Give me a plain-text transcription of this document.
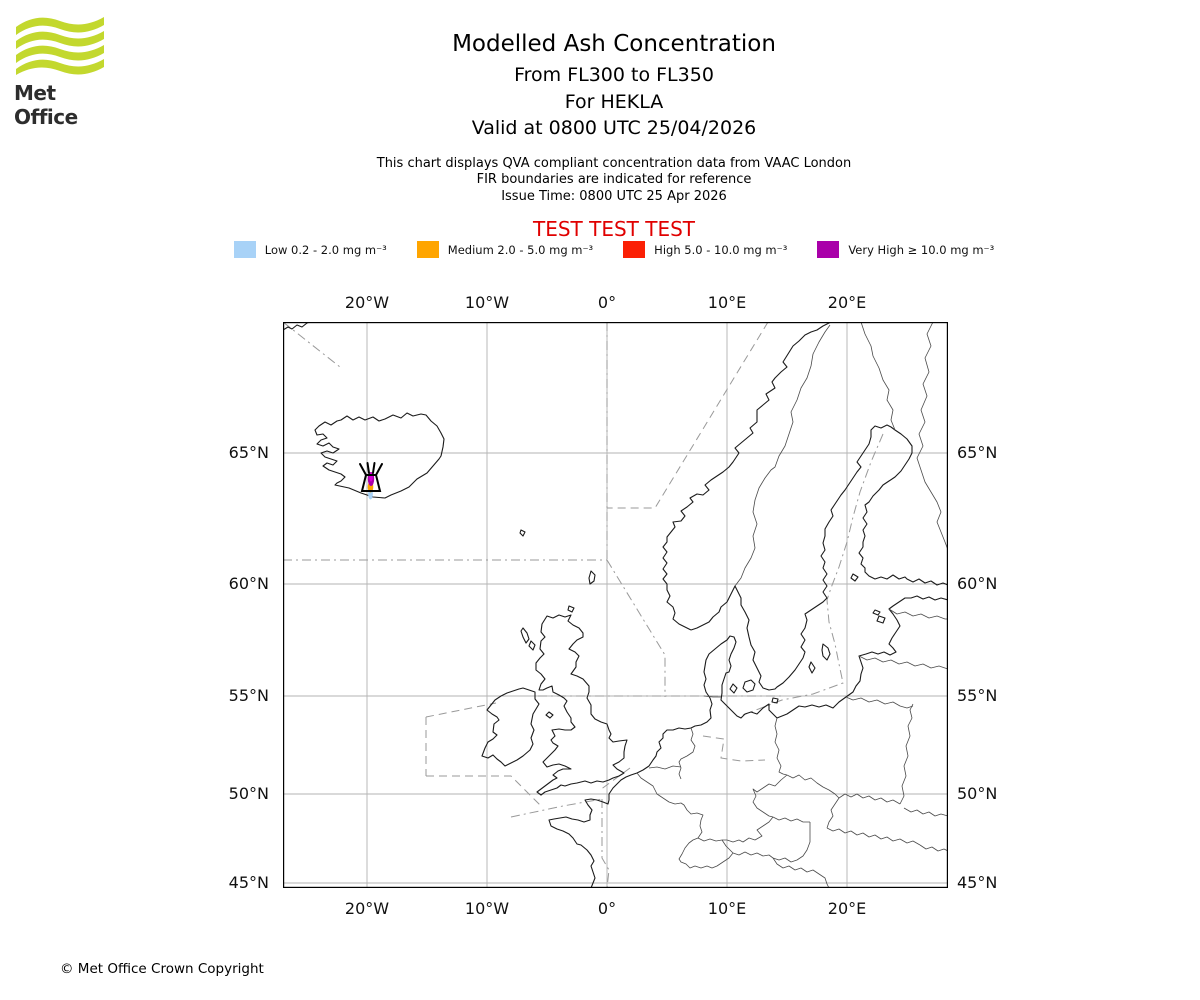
Met Office
Modelled Ash Concentration
From FL300 to FL350
For HEKLA
Valid at 0800 UTC 25/04/2026
This chart displays QVA compliant concentration data from VAAC London
FIR boundaries are indicated for reference
Issue Time: 0800 UTC 25 Apr 2026
TEST TEST TEST
Low 0.2 - 2.0 mg m⁻³	Medium 2.0 - 5.0 mg m⁻³	High 5.0 - 10.0 mg m⁻³	Very High ≥ 10.0 mg m⁻³
20°W	10°W	0°	10°E	20°E
20°W	10°W	0°	10°E	20°E
65°N
60°N
55°N
50°N
45°N
65°N
60°N
55°N
50°N
45°N
© Met Office Crown Copyright
